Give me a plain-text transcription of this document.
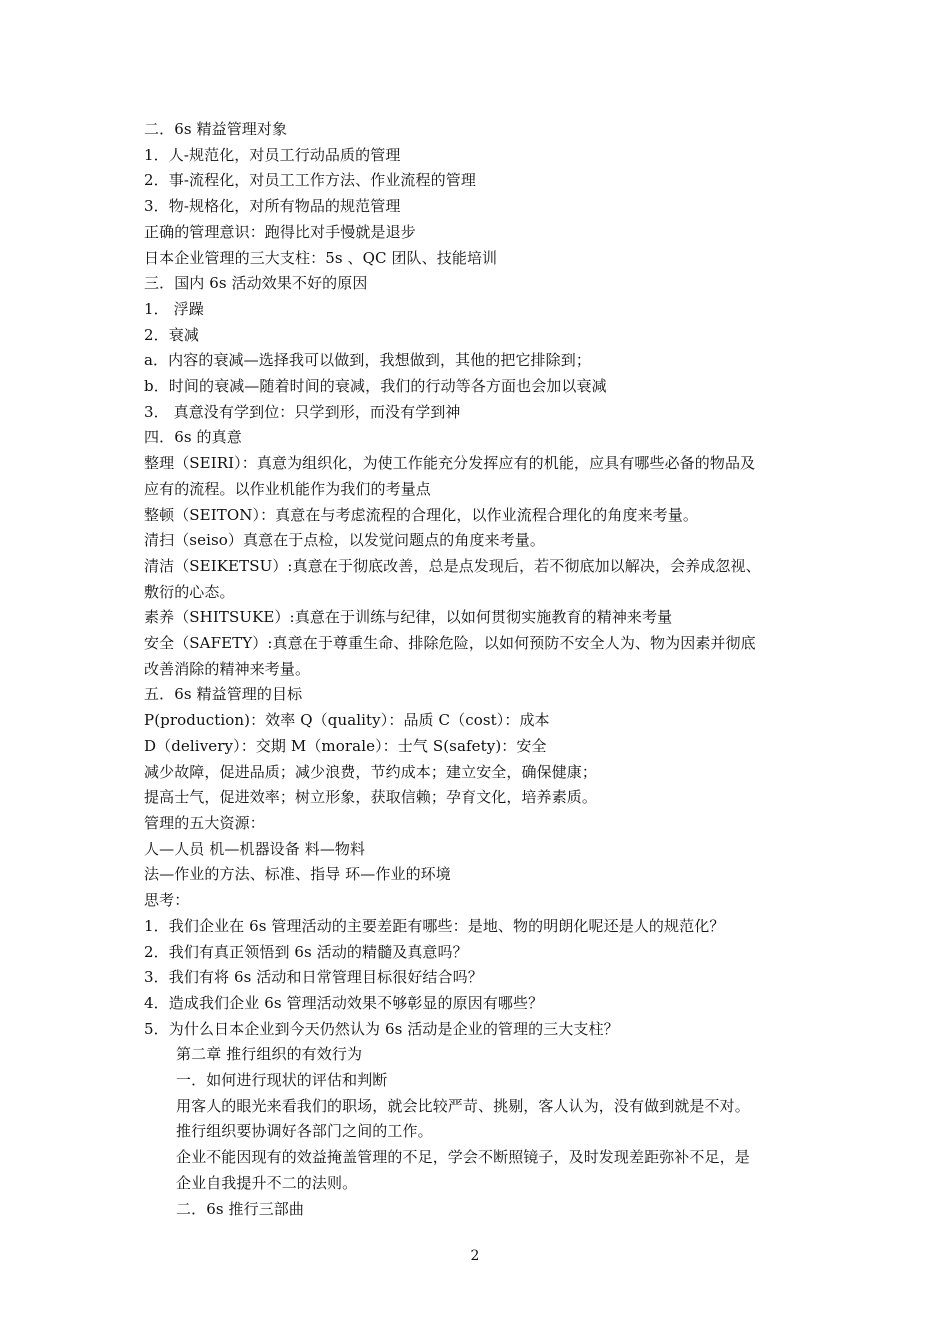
二．6s 精益管理对象

1．人-规范化，对员工行动品质的管理

2．事-流程化，对员工工作方法、作业流程的管理

3．物-规格化，对所有物品的规范管理

正确的管理意识：跑得比对手慢就是退步

日本企业管理的三大支柱：5s 、QC 团队、技能培训

三．国内 6s 活动效果不好的原因

1． 浮躁

2．衰减

a．内容的衰减—选择我可以做到，我想做到，其他的把它排除到；

b．时间的衰减—随着时间的衰减，我们的行动等各方面也会加以衰减

3． 真意没有学到位：只学到形，而没有学到神

四．6s 的真意

整理（SEIRI）：真意为组织化，为使工作能充分发挥应有的机能，应具有哪些必备的物品及

应有的流程。以作业机能作为我们的考量点

整顿（SEITON）：真意在与考虑流程的合理化，以作业流程合理化的角度来考量。

清扫（seiso）真意在于点检，以发觉问题点的角度来考量。

清洁（SEIKETSU）:真意在于彻底改善，总是点发现后，若不彻底加以解决，会养成忽视、

敷衍的心态。

素养（SHITSUKE）:真意在于训练与纪律，以如何贯彻实施教育的精神来考量

安全（SAFETY）:真意在于尊重生命、排除危险，以如何预防不安全人为、物为因素并彻底

改善消除的精神来考量。

五．6s 精益管理的目标

P(production)：效率 Q（quality）：品质 C（cost）：成本

D（delivery）：交期 M（morale）：士气 S(safety)：安全

减少故障，促进品质；减少浪费，节约成本；建立安全，确保健康；

提高士气，促进效率；树立形象，获取信赖；孕育文化，培养素质。

管理的五大资源：

人—人员 机—机器设备 料—物料

法—作业的方法、标准、指导 环—作业的环境

思考：

1．我们企业在 6s 管理活动的主要差距有哪些：是地、物的明朗化呢还是人的规范化？

2．我们有真正领悟到 6s 活动的精髓及真意吗？

3．我们有将 6s 活动和日常管理目标很好结合吗？

4．造成我们企业 6s 管理活动效果不够彰显的原因有哪些？

5．为什么日本企业到今天仍然认为 6s 活动是企业的管理的三大支柱？

第二章 推行组织的有效行为

一．如何进行现状的评估和判断

用客人的眼光来看我们的职场，就会比较严苛、挑剔，客人认为，没有做到就是不对。

推行组织要协调好各部门之间的工作。

企业不能因现有的效益掩盖管理的不足，学会不断照镜子，及时发现差距弥补不足，是

企业自我提升不二的法则。

二．6s 推行三部曲

2
